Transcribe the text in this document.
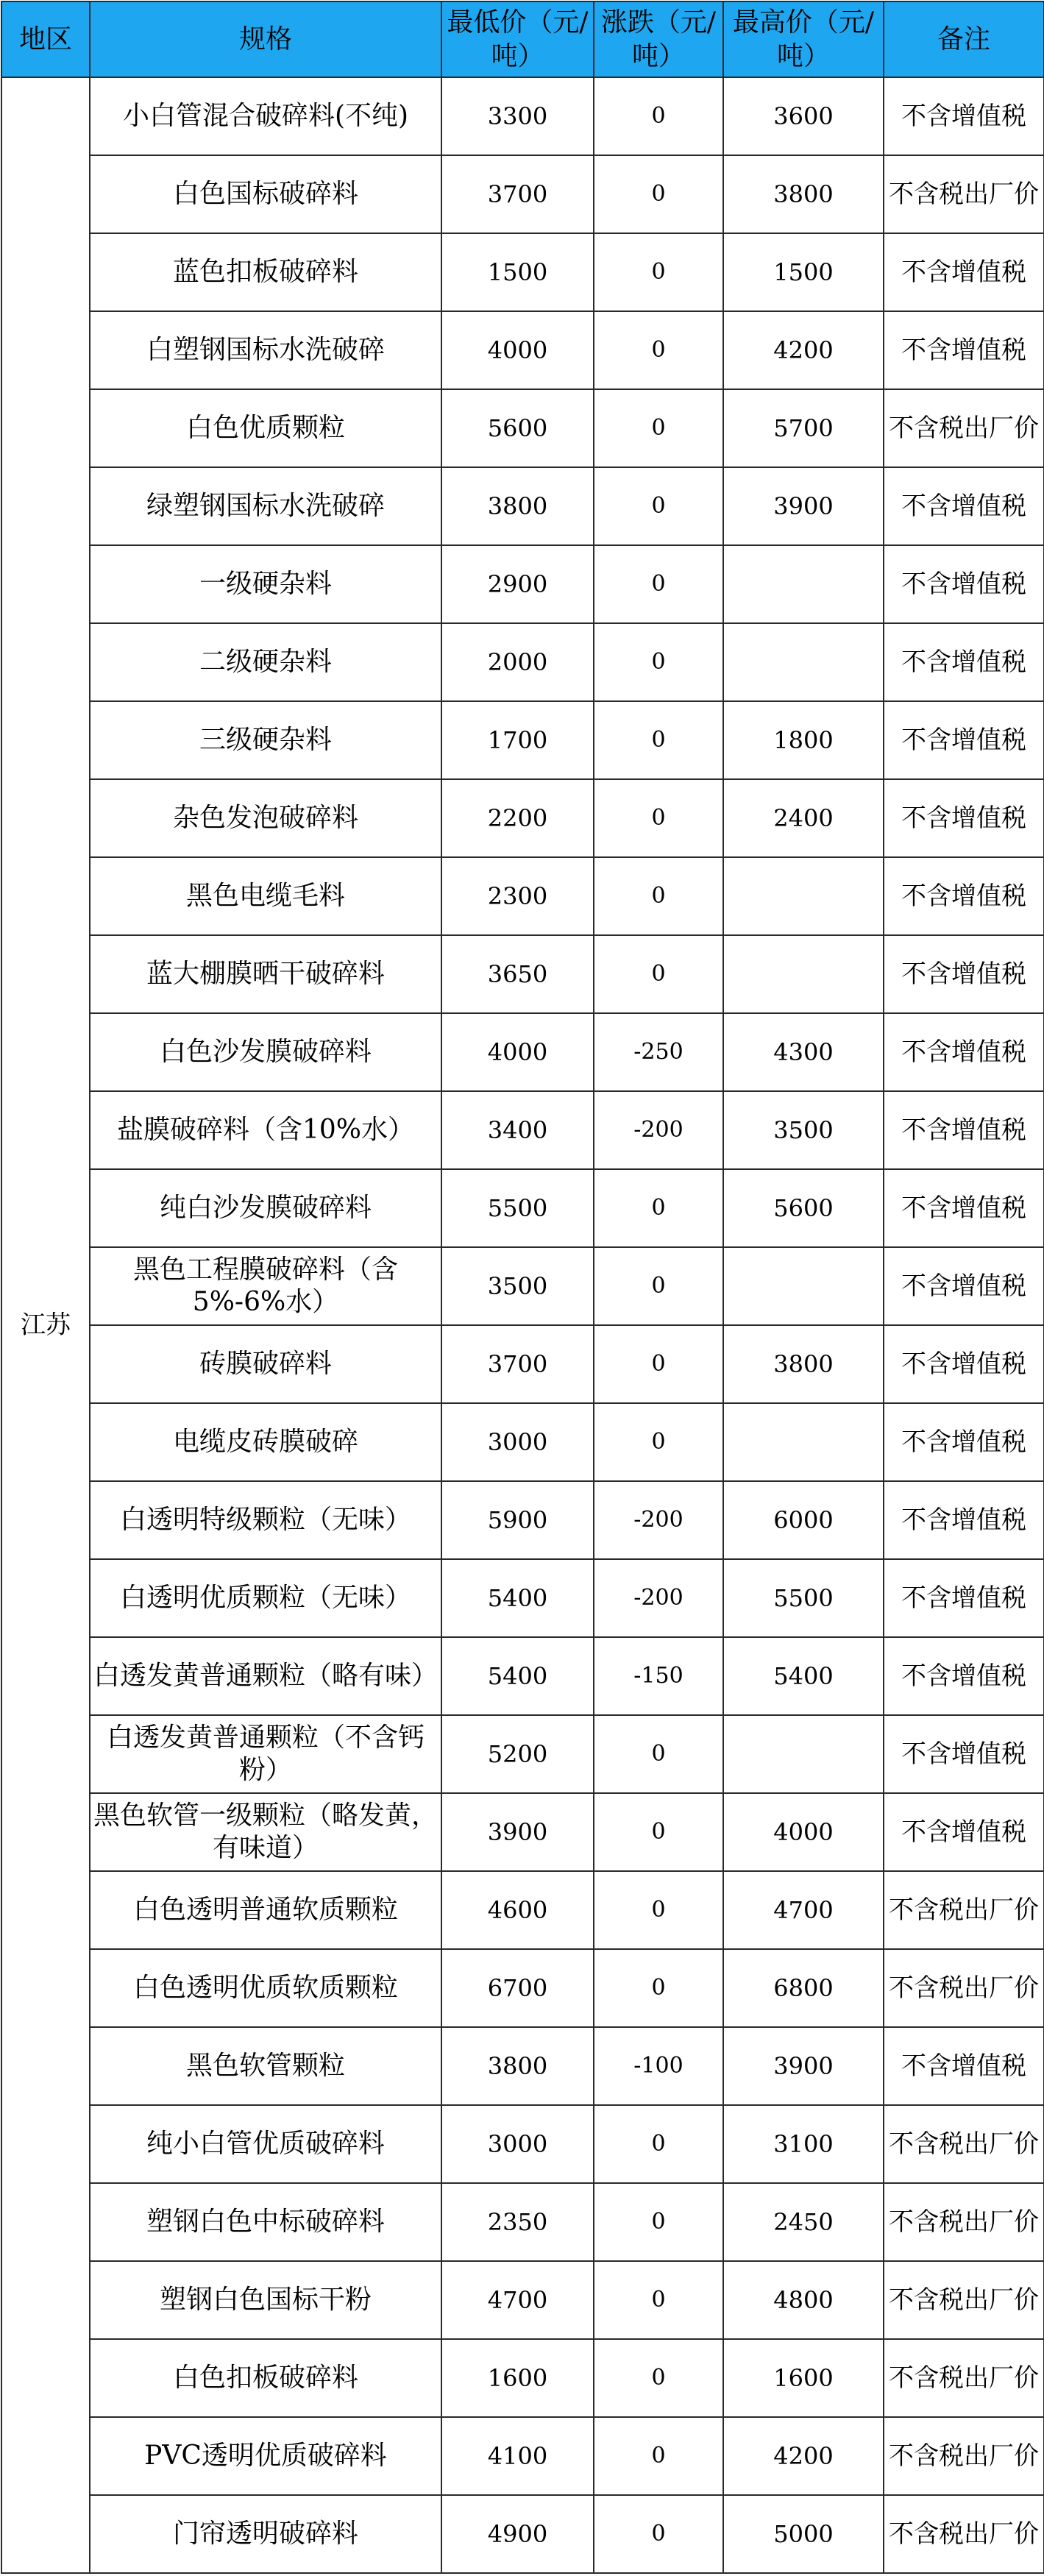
地区	规格	最低价（元/吨）	涨跌（元/吨）	最高价（元/吨）	备注
江苏	小白管混合破碎料(不纯)	3300	0	3600	不含增值税
	白色国标破碎料	3700	0	3800	不含税出厂价
	蓝色扣板破碎料	1500	0	1500	不含增值税
	白塑钢国标水洗破碎	4000	0	4200	不含增值税
	白色优质颗粒	5600	0	5700	不含税出厂价
	绿塑钢国标水洗破碎	3800	0	3900	不含增值税
	一级硬杂料	2900	0		不含增值税
	二级硬杂料	2000	0		不含增值税
	三级硬杂料	1700	0	1800	不含增值税
	杂色发泡破碎料	2200	0	2400	不含增值税
	黑色电缆毛料	2300	0		不含增值税
	蓝大棚膜晒干破碎料	3650	0		不含增值税
	白色沙发膜破碎料	4000	-250	4300	不含增值税
	盐膜破碎料（含10%水）	3400	-200	3500	不含增值税
	纯白沙发膜破碎料	5500	0	5600	不含增值税
	黑色工程膜破碎料（含5%-6%水）	3500	0		不含增值税
	砖膜破碎料	3700	0	3800	不含增值税
	电缆皮砖膜破碎	3000	0		不含增值税
	白透明特级颗粒（无味）	5900	-200	6000	不含增值税
	白透明优质颗粒（无味）	5400	-200	5500	不含增值税
	白透发黄普通颗粒（略有味）	5400	-150	5400	不含增值税
	白透发黄普通颗粒（不含钙粉）	5200	0		不含增值税
	黑色软管一级颗粒（略发黄，有味道）	3900	0	4000	不含增值税
	白色透明普通软质颗粒	4600	0	4700	不含税出厂价
	白色透明优质软质颗粒	6700	0	6800	不含税出厂价
	黑色软管颗粒	3800	-100	3900	不含增值税
	纯小白管优质破碎料	3000	0	3100	不含税出厂价
	塑钢白色中标破碎料	2350	0	2450	不含税出厂价
	塑钢白色国标干粉	4700	0	4800	不含税出厂价
	白色扣板破碎料	1600	0	1600	不含税出厂价
	PVC透明优质破碎料	4100	0	4200	不含税出厂价
	门帘透明破碎料	4900	0	5000	不含税出厂价
